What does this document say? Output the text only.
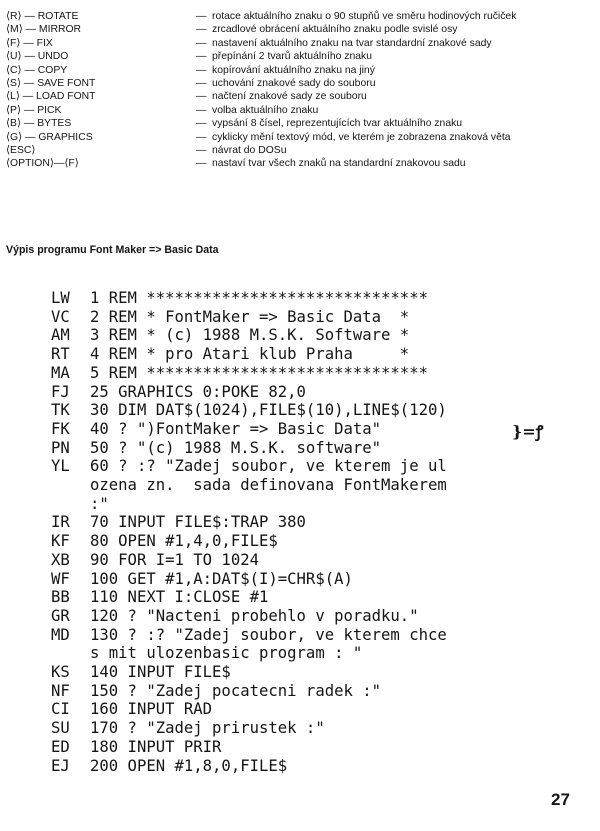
⟨R⟩ — ROTATE	— rotace aktuálního znaku o 90 stupňů ve směru hodinových ručiček
⟨M⟩ — MIRROR	— zrcadlové obrácení aktuálního znaku podle svislé osy
⟨F⟩ — FIX	— nastavení aktuálního znaku na tvar standardní znakové sady
⟨U⟩ — UNDO	— přepínání 2 tvarů aktuálního znaku
⟨C⟩ — COPY	— kopírování aktuálního znaku na jiný
⟨S⟩ — SAVE FONT	— uchování znakové sady do souboru
⟨L⟩ — LOAD FONT	— načtení znakové sady ze souboru
⟨P⟩ — PICK	— volba aktuálního znaku
⟨B⟩ — BYTES	— vypsání 8 čísel, reprezentujících tvar aktuálního znaku
⟨G⟩ — GRAPHICS	— cyklicky mění textový mód, ve kterém je zobrazena znaková věta
⟨ESC⟩	— návrat do DOSu
⟨OPTION⟩—⟨F⟩	— nastaví tvar všech znaků na standardní znakovou sadu
Výpis programu Font Maker => Basic Data
LW	1 REM ******************************
VC	2 REM * FontMaker => Basic Data  *
AM	3 REM * (c) 1988 M.S.K. Software *
RT	4 REM * pro Atari klub Praha     *
MA	5 REM ******************************
FJ	25 GRAPHICS 0:POKE 82,0
TK	30 DIM DAT$(1024),FILE$(10),LINE$(120)
FK	40 ? ")FontMaker => Basic Data"
PN	50 ? "(c) 1988 M.S.K. software"
YL	60 ? :? "Zadej soubor, ve kterem je ul
ozena zn.  sada definovana FontMakerem
:"
IR	70 INPUT FILE$:TRAP 380
KF	80 OPEN #1,4,0,FILE$
XB	90 FOR I=1 TO 1024
WF	100 GET #1,A:DAT$(I)=CHR$(A)
BB	110 NEXT I:CLOSE #1
GR	120 ? "Nacteni probehlo v poradku."
MD	130 ? :? "Zadej soubor, ve kterem chce
s mit ulozenbasic program : "
KS	140 INPUT FILE$
NF	150 ? "Zadej pocatecni radek :"
CI	160 INPUT RAD
SU	170 ? "Zadej prirustek :"
ED	180 INPUT PRIR
EJ	200 OPEN #1,8,0,FILE$
}=ꝭ
27
